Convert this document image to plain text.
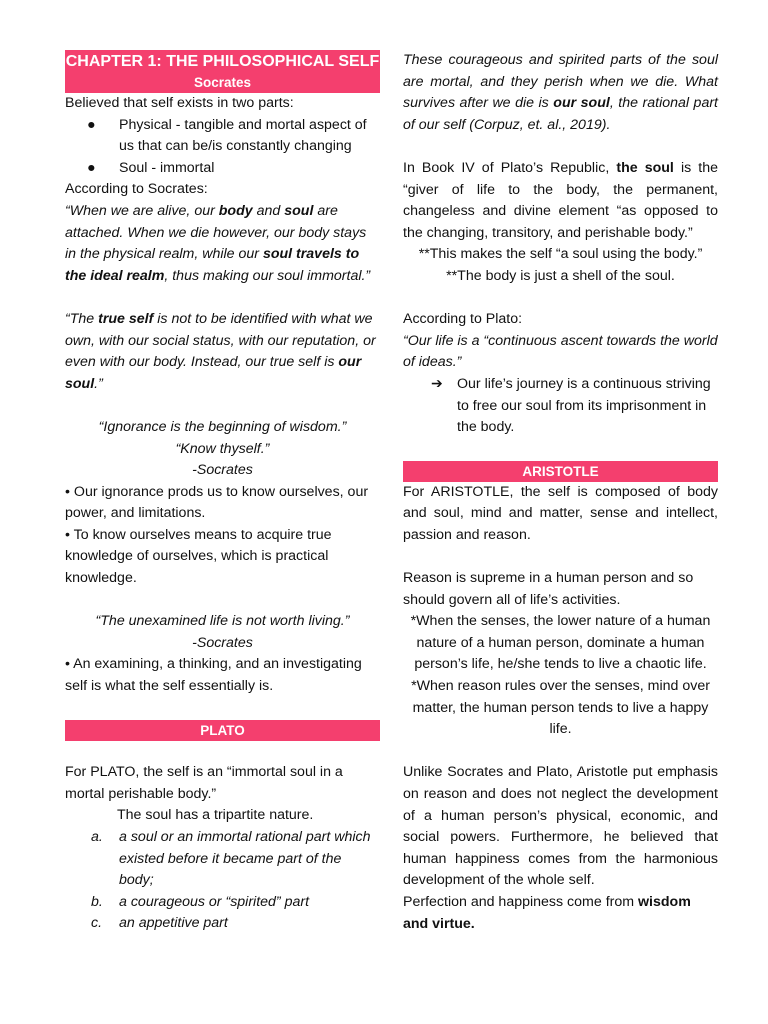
CHAPTER 1: THE PHILOSOPHICAL SELF
Socrates

Believed that self exists in two parts:

● Physical - tangible and mortal aspect of us that can be/is constantly changing
● Soul - immortal

According to Socrates:

“When we are alive, our body and soul are attached. When we die however, our body stays in the physical realm, while our soul travels to the ideal realm, thus making our soul immortal.”

“The true self is not to be identified with what we own, with our social status, with our reputation, or even with our body. Instead, our true self is our soul.”

“Ignorance is the beginning of wisdom.”

“Know thyself.”

-Socrates

• Our ignorance prods us to know ourselves, our power, and limitations.

• To know ourselves means to acquire true knowledge of ourselves, which is practical knowledge.

“The unexamined life is not worth living.”

-Socrates

• An examining, a thinking, and an investigating self is what the self essentially is.

PLATO

For PLATO, the self is an “immortal soul in a mortal perishable body.”

The soul has a tripartite nature.

a. a soul or an immortal rational part which existed before it became part of the body;
b. a courageous or “spirited” part
c. an appetitive part

These courageous and spirited parts of the soul are mortal, and they perish when we die. What survives after we die is our soul, the rational part of our self (Corpuz, et. al., 2019).

In Book IV of Plato’s Republic, the soul is the “giver of life to the body, the permanent, changeless and divine element “as opposed to the changing, transitory, and perishable body.”

**This makes the self “a soul using the body.”

**The body is just a shell of the soul.

According to Plato:

“Our life is a “continuous ascent towards the world of ideas.”

➔ Our life’s journey is a continuous striving to free our soul from its imprisonment in the body.
ARISTOTLE

For ARISTOTLE, the self is composed of body and soul, mind and matter, sense and intellect, passion and reason.

Reason is supreme in a human person and so should govern all of life’s activities.

*When the senses, the lower nature of a human nature of a human person, dominate a human person’s life, he/she tends to live a chaotic life.

*When reason rules over the senses, mind over matter, the human person tends to live a happy life.

Unlike Socrates and Plato, Aristotle put emphasis on reason and does not neglect the development of a human person’s physical, economic, and social powers. Furthermore, he believed that human happiness comes from the harmonious development of the whole self.

Perfection and happiness come from wisdom and virtue.
